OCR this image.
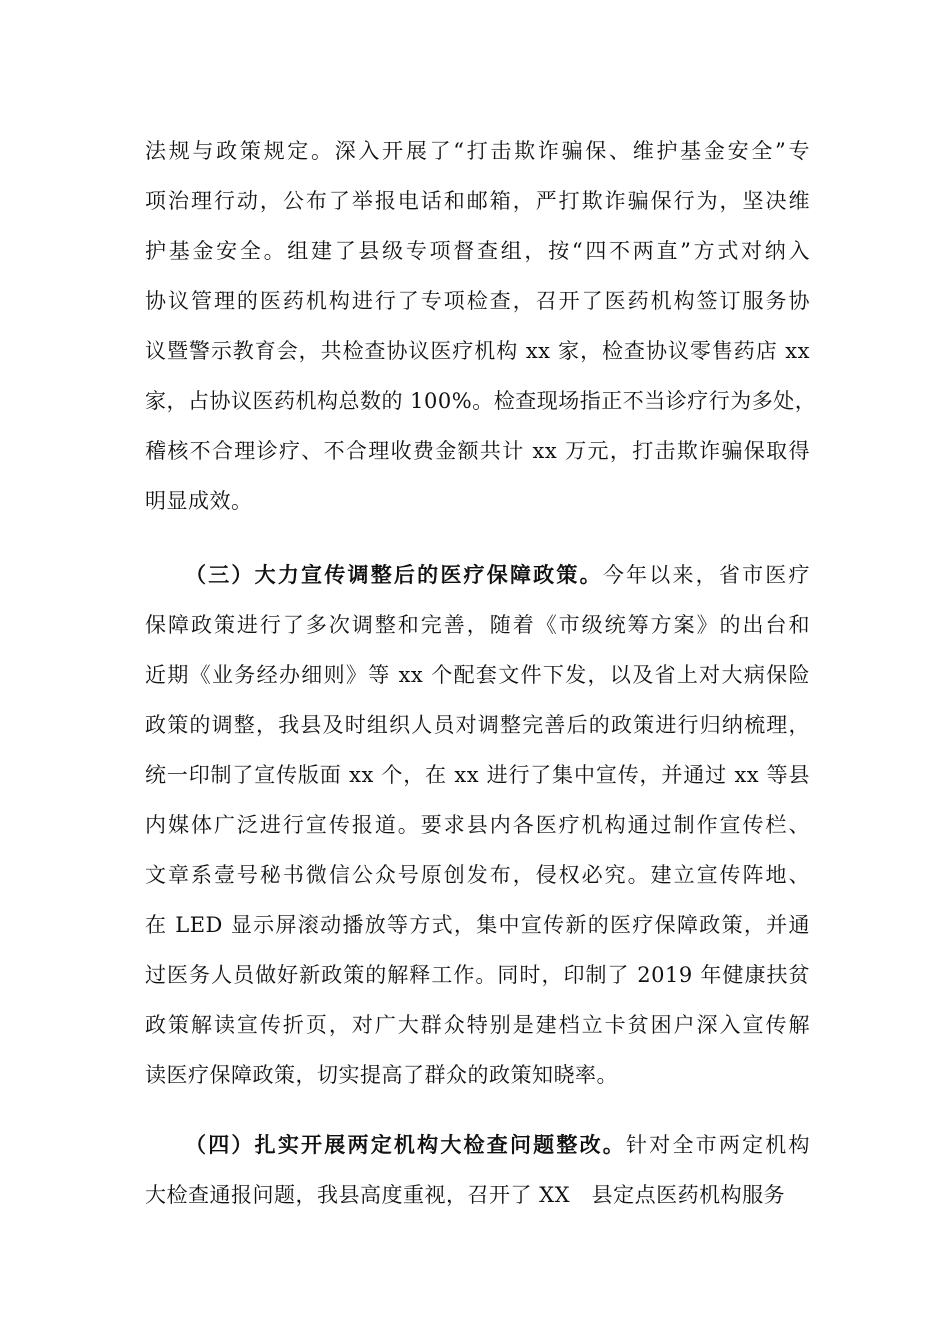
法规与政策规定。深入开展了“打击欺诈骗保、维护基金安全”专
项治理行动，公布了举报电话和邮箱，严打欺诈骗保行为，坚决维
护基金安全。组建了县级专项督查组，按“四不两直”方式对纳入
协议管理的医药机构进行了专项检查，召开了医药机构签订服务协
议暨警示教育会，共检查协议医疗机构 xx 家，检查协议零售药店 xx
家，占协议医药机构总数的 100%。检查现场指正不当诊疗行为多处，
稽核不合理诊疗、不合理收费金额共计 xx 万元，打击欺诈骗保取得
明显成效。
（三）大力宣传调整后的医疗保障政策。今年以来，省市医疗
保障政策进行了多次调整和完善，随着《市级统筹方案》的出台和
近期《业务经办细则》等 xx 个配套文件下发，以及省上对大病保险
政策的调整，我县及时组织人员对调整完善后的政策进行归纳梳理，
统一印制了宣传版面 xx 个，在 xx 进行了集中宣传，并通过 xx 等县
内媒体广泛进行宣传报道。要求县内各医疗机构通过制作宣传栏、
文章系壹号秘书微信公众号原创发布，侵权必究。建立宣传阵地、
在 LED 显示屏滚动播放等方式，集中宣传新的医疗保障政策，并通
过医务人员做好新政策的解释工作。同时，印制了 2019 年健康扶贫
政策解读宣传折页，对广大群众特别是建档立卡贫困户深入宣传解
读医疗保障政策，切实提高了群众的政策知晓率。
（四）扎实开展两定机构大检查问题整改。针对全市两定机构
大检查通报问题，我县高度重视，召开了 XX　县定点医药机构服务
